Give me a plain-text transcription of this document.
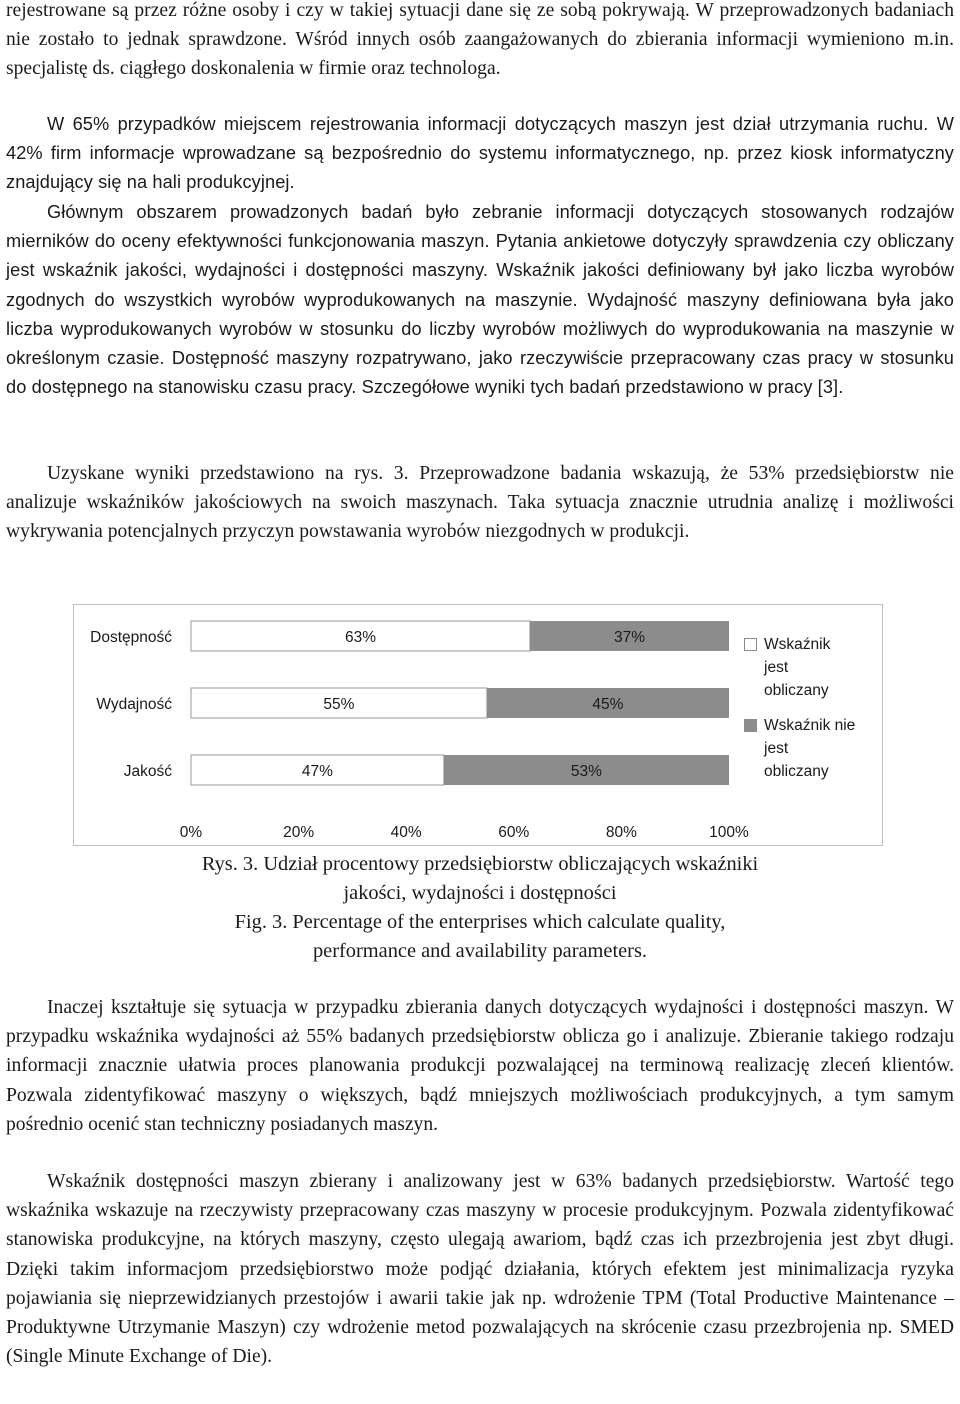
rejestrowane są przez różne osoby i czy w takiej sytuacji dane się ze sobą pokrywają. W przeprowadzonych badaniach nie zostało to jednak sprawdzone. Wśród innych osób zaangażowanych do zbierania informacji wymieniono m.in. specjalistę ds. ciągłego doskonalenia w firmie oraz technologa.

W 65% przypadków miejscem rejestrowania informacji dotyczących maszyn jest dział utrzymania ruchu. W 42% firm informacje wprowadzane są bezpośrednio do systemu informatycznego, np. przez kiosk informatyczny znajdujący się na hali produkcyjnej.

Głównym obszarem prowadzonych badań było zebranie informacji dotyczących stosowanych rodzajów mierników do oceny efektywności funkcjonowania maszyn. Pytania ankietowe dotyczyły sprawdzenia czy obliczany jest wskaźnik jakości, wydajności i dostępności maszyny. Wskaźnik jakości definiowany był jako liczba wyrobów zgodnych do wszystkich wyrobów wyprodukowanych na maszynie. Wydajność maszyny definiowana była jako liczba wyprodukowanych wyrobów w stosunku do liczby wyrobów możliwych do wyprodukowania na maszynie w określonym czasie. Dostępność maszyny rozpatrywano, jako rzeczywiście przepracowany czas pracy w stosunku do dostępnego na stanowisku czasu pracy. Szczegółowe wyniki tych badań przedstawiono w pracy [3].

Uzyskane wyniki przedstawiono na rys. 3. Przeprowadzone badania wskazują, że 53% przedsiębiorstw nie analizuje wskaźników jakościowych na swoich maszynach. Taka sytuacja znacznie utrudnia analizę i możliwości wykrywania potencjalnych przyczyn powstawania wyrobów niezgodnych w produkcji.

Dostępność	63%	37%
Wydajność	55%	45%
Jakość	47%	53%
0%	20%	40%	60%	80%	100%
Wskaźnik
jest
obliczany
Wskaźnik nie
jest
obliczany

Rys. 3. Udział procentowy przedsiębiorstw obliczających wskaźniki

jakości, wydajności i dostępności

Fig. 3. Percentage of the enterprises which calculate quality,

performance and availability parameters.

Inaczej kształtuje się sytuacja w przypadku zbierania danych dotyczących wydajności i dostępności maszyn. W przypadku wskaźnika wydajności aż 55% badanych przedsiębiorstw oblicza go i analizuje. Zbieranie takiego rodzaju informacji znacznie ułatwia proces planowania produkcji pozwalającej na terminową realizację zleceń klientów. Pozwala zidentyfikować maszyny o większych, bądź mniejszych możliwościach produkcyjnych, a tym samym pośrednio ocenić stan techniczny posiadanych maszyn.

Wskaźnik dostępności maszyn zbierany i analizowany jest w 63% badanych przedsiębiorstw. Wartość tego wskaźnika wskazuje na rzeczywisty przepracowany czas maszyny w procesie produkcyjnym. Pozwala zidentyfikować stanowiska produkcyjne, na których maszyny, często ulegają awariom, bądź czas ich przezbrojenia jest zbyt długi. Dzięki takim informacjom przedsiębiorstwo może podjąć działania, których efektem jest minimalizacja ryzyka pojawiania się nieprzewidzianych przestojów i awarii takie jak np. wdrożenie TPM (Total Productive Maintenance – Produktywne Utrzymanie Maszyn) czy wdrożenie metod pozwalających na skrócenie czasu przezbrojenia np. SMED (Single Minute Exchange of Die).
